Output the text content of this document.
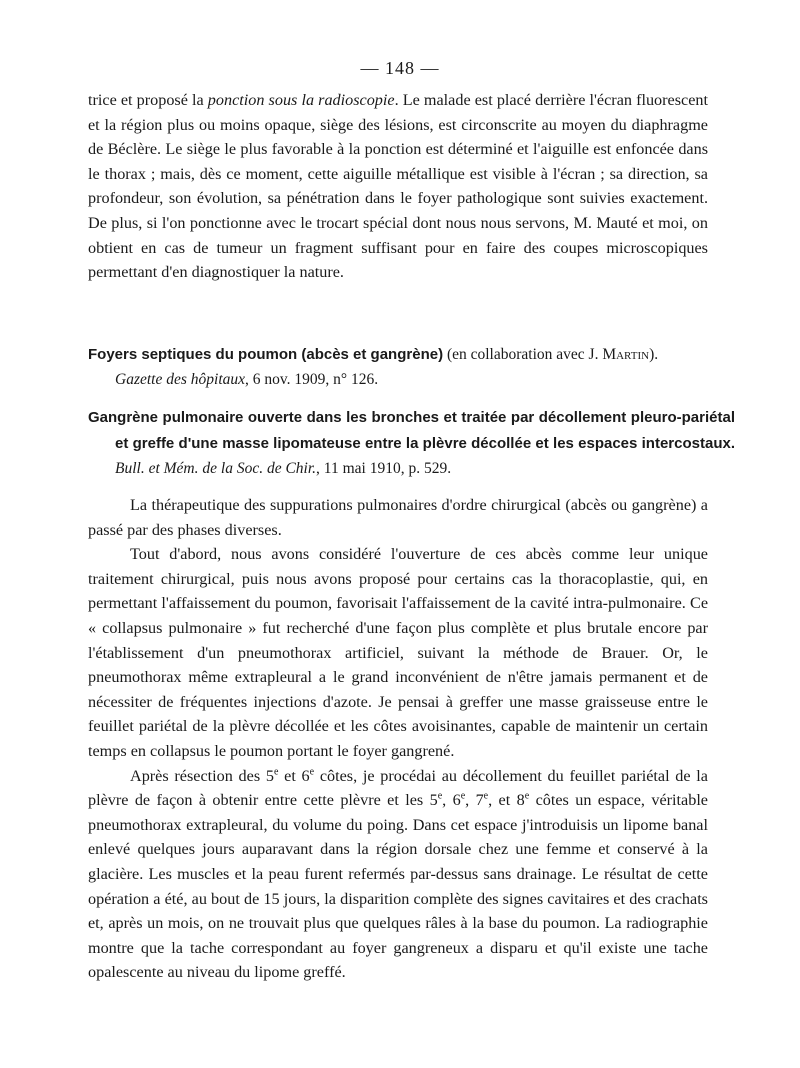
— 148 —

trice et proposé la ponction sous la radioscopie. Le malade est placé derrière l'écran fluorescent et la région plus ou moins opaque, siège des lésions, est circonscrite au moyen du diaphragme de Béclère. Le siège le plus favorable à la ponction est déterminé et l'aiguille est enfoncée dans le thorax ; mais, dès ce moment, cette aiguille métallique est visible à l'écran ; sa direction, sa profondeur, son évolution, sa pénétration dans le foyer pathologique sont suivies exactement. De plus, si l'on ponctionne avec le trocart spécial dont nous nous servons, M. Mauté et moi, on obtient en cas de tumeur un fragment suffisant pour en faire des coupes microscopiques permettant d'en diagnostiquer la nature.

Foyers septiques du poumon (abcès et gangrène) (en collaboration avec J. Martin).
Gazette des hôpitaux, 6 nov. 1909, n° 126.
Gangrène pulmonaire ouverte dans les bronches et traitée par décollement pleuro-pariétal et greffe d'une masse lipomateuse entre la plèvre décollée et les espaces intercostaux. Bull. et Mém. de la Soc. de Chir., 11 mai 1910, p. 529.

La thérapeutique des suppurations pulmonaires d'ordre chirurgical (abcès ou gangrène) a passé par des phases diverses.

Tout d'abord, nous avons considéré l'ouverture de ces abcès comme leur unique traitement chirurgical, puis nous avons proposé pour certains cas la thoracoplastie, qui, en permettant l'affaissement du poumon, favorisait l'affaissement de la cavité intra-pulmonaire. Ce « collapsus pulmonaire » fut recherché d'une façon plus complète et plus brutale encore par l'établissement d'un pneumothorax artificiel, suivant la méthode de Brauer. Or, le pneumothorax même extrapleural a le grand inconvénient de n'être jamais permanent et de nécessiter de fréquentes injections d'azote. Je pensai à greffer une masse graisseuse entre le feuillet pariétal de la plèvre décollée et les côtes avoisinantes, capable de maintenir un certain temps en collapsus le poumon portant le foyer gangrené.

Après résection des 5e et 6e côtes, je procédai au décollement du feuillet pariétal de la plèvre de façon à obtenir entre cette plèvre et les 5e, 6e, 7e, et 8e côtes un espace, véritable pneumothorax extrapleural, du volume du poing. Dans cet espace j'introduisis un lipome banal enlevé quelques jours auparavant dans la région dorsale chez une femme et conservé à la glacière. Les muscles et la peau furent refermés par-dessus sans drainage. Le résultat de cette opération a été, au bout de 15 jours, la disparition complète des signes cavitaires et des crachats et, après un mois, on ne trouvait plus que quelques râles à la base du poumon. La radiographie montre que la tache correspondant au foyer gangreneux a disparu et qu'il existe une tache opalescente au niveau du lipome greffé.
